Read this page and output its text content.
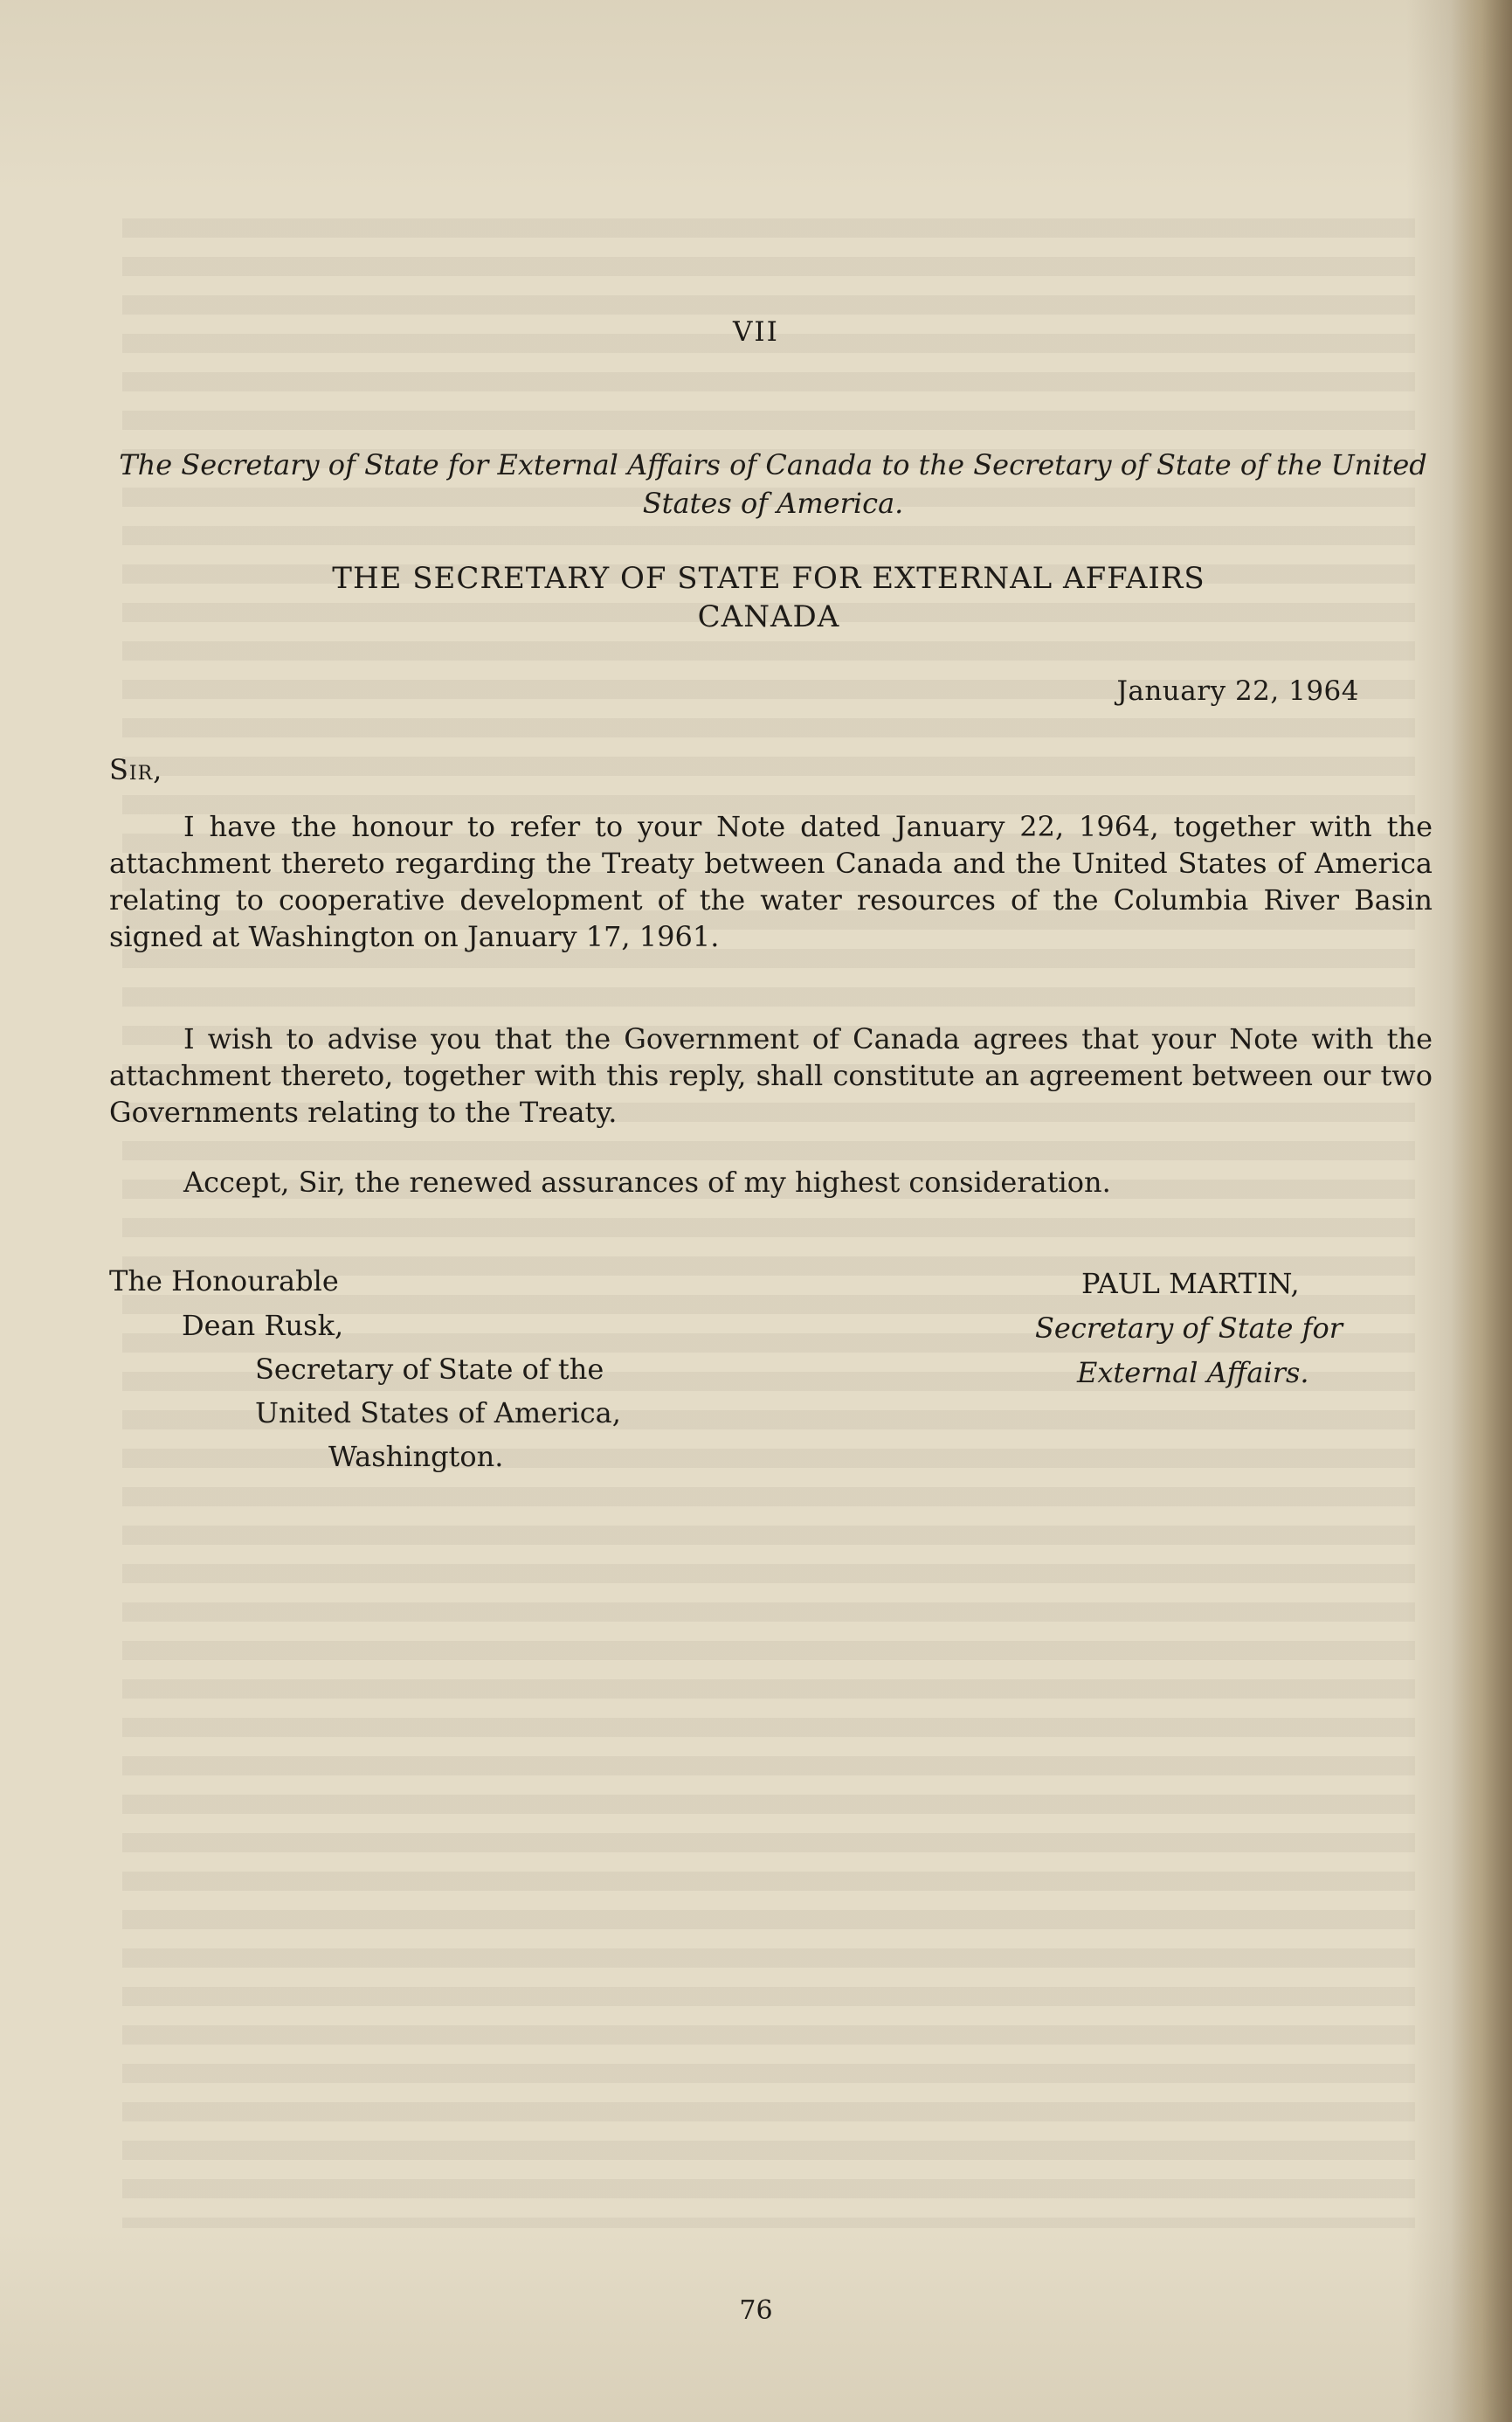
VII
The Secretary of State for External Affairs of Canada to the Secretary of State of the United States of America.
THE SECRETARY OF STATE FOR EXTERNAL AFFAIRS
CANADA
January 22, 1964
Sir,
I have the honour to refer to your Note dated January 22, 1964, together with the attachment thereto regarding the Treaty between Canada and the United States of America relating to cooperative development of the water resources of the Columbia River Basin signed at Washington on January 17, 1961.
I wish to advise you that the Government of Canada agrees that your Note with the attachment thereto, together with this reply, shall constitute an agreement between our two Governments relating to the Treaty.
Accept, Sir, the renewed assurances of my highest consideration.
The Honourable
Dean Rusk,
Secretary of State of the
United States of America,
Washington.
PAUL MARTIN,
Secretary of State for
External Affairs.
76
